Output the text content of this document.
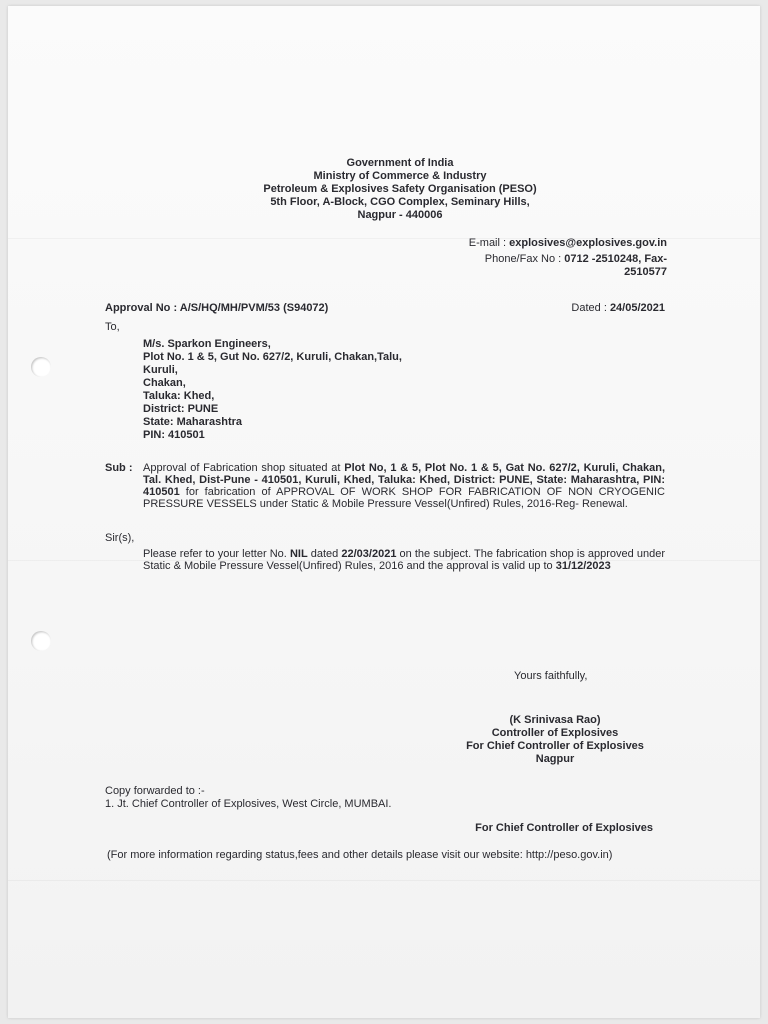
Government of India
Ministry of Commerce & Industry
Petroleum & Explosives Safety Organisation (PESO)
5th Floor, A-Block, CGO Complex, Seminary Hills,
Nagpur - 440006
E-mail : explosives@explosives.gov.in
Phone/Fax No : 0712 -2510248, Fax-
2510577
Approval No : A/S/HQ/MH/PVM/53 (S94072)	Dated : 24/05/2021
To,
M/s. Sparkon Engineers,
Plot No. 1 & 5, Gut No. 627/2, Kuruli, Chakan,Talu,
Kuruli,
Chakan,
Taluka: Khed,
District: PUNE
State: Maharashtra
PIN: 410501
Sub : Approval of Fabrication shop situated at Plot No, 1 & 5, Plot No. 1 & 5, Gat No. 627/2, Kuruli, Chakan, Tal. Khed, Dist-Pune - 410501, Kuruli, Khed, Taluka: Khed, District: PUNE, State: Maharashtra, PIN: 410501 for fabrication of APPROVAL OF WORK SHOP FOR FABRICATION OF NON CRYOGENIC PRESSURE VESSELS under Static & Mobile Pressure Vessel(Unfired) Rules, 2016-Reg- Renewal.
Sir(s),
Please refer to your letter No. NIL dated 22/03/2021 on the subject. The fabrication shop is approved under Static & Mobile Pressure Vessel(Unfired) Rules, 2016 and the approval is valid up to 31/12/2023
Yours faithfully,
(K Srinivasa Rao)
Controller of Explosives
For Chief Controller of Explosives
Nagpur
Copy forwarded to :-
1. Jt. Chief Controller of Explosives, West Circle, MUMBAI.
For Chief Controller of Explosives
(For more information regarding status,fees and other details please visit our website: http://peso.gov.in)
